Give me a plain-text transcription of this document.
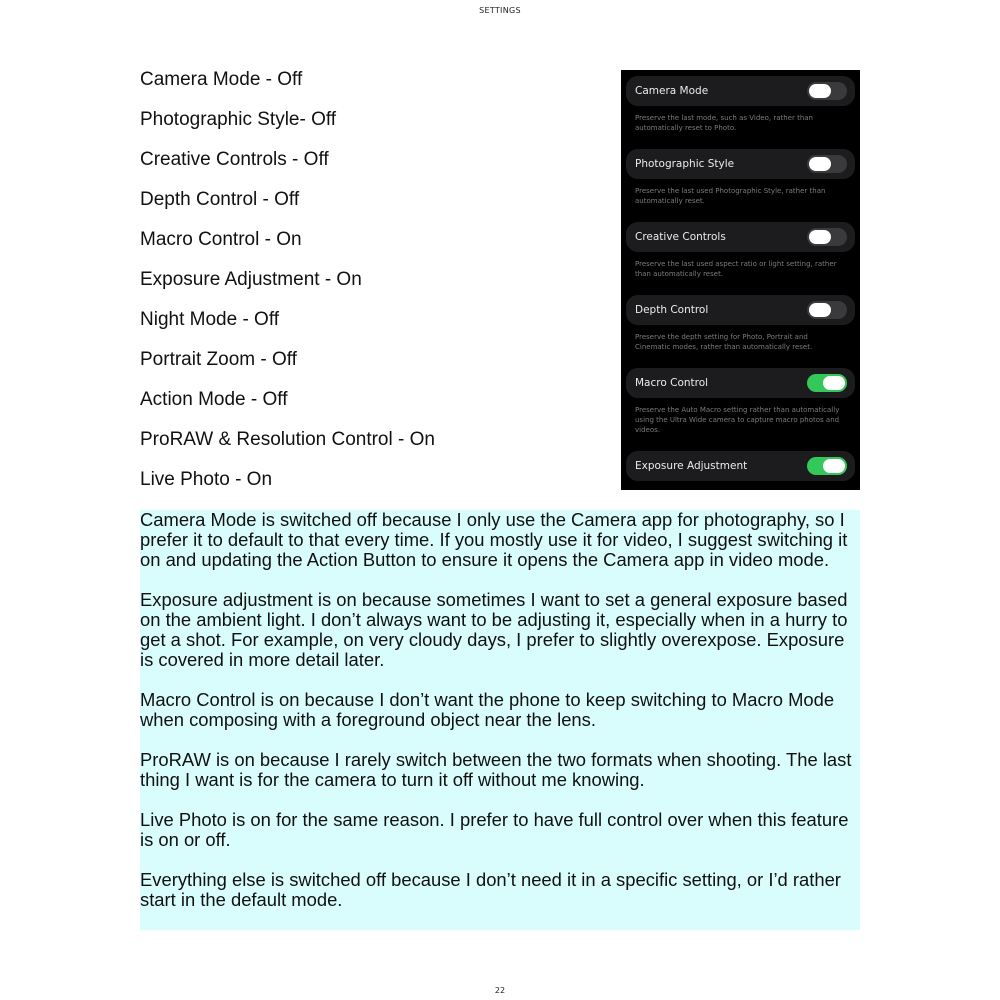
SETTINGS
Camera Mode - Off
Photographic Style- Off
Creative Controls - Off
Depth Control - Off
Macro Control - On
Exposure Adjustment - On
Night Mode - Off
Portrait Zoom - Off
Action Mode - Off
ProRAW & Resolution Control - On
Live Photo - On
Camera Mode
Preserve the last mode, such as Video, rather than automatically reset to Photo.
Photographic Style
Preserve the last used Photographic Style, rather than automatically reset.
Creative Controls
Preserve the last used aspect ratio or light setting, rather than automatically reset.
Depth Control
Preserve the depth setting for Photo, Portrait and Cinematic modes, rather than automatically reset.
Macro Control
Preserve the Auto Macro setting rather than automatically using the Ultra Wide camera to capture macro photos and videos.
Exposure Adjustment

Camera Mode is switched off because I only use the Camera app for photography, so I prefer it to default to that every time. If you mostly use it for video, I suggest switching it on and updating the Action Button to ensure it opens the Camera app in video mode.

Exposure adjustment is on because sometimes I want to set a general exposure based on the ambient light. I don’t always want to be adjusting it, especially when in a hurry to get a shot. For example, on very cloudy days, I prefer to slightly overexpose. Exposure is covered in more detail later.

Macro Control is on because I don’t want the phone to keep switching to Macro Mode when composing with a foreground object near the lens.

ProRAW is on because I rarely switch between the two formats when shooting. The last thing I want is for the camera to turn it off without me knowing.

Live Photo is on for the same reason. I prefer to have full control over when this feature is on or off.

Everything else is switched off because I don’t need it in a specific setting, or I’d rather start in the default mode.

22
